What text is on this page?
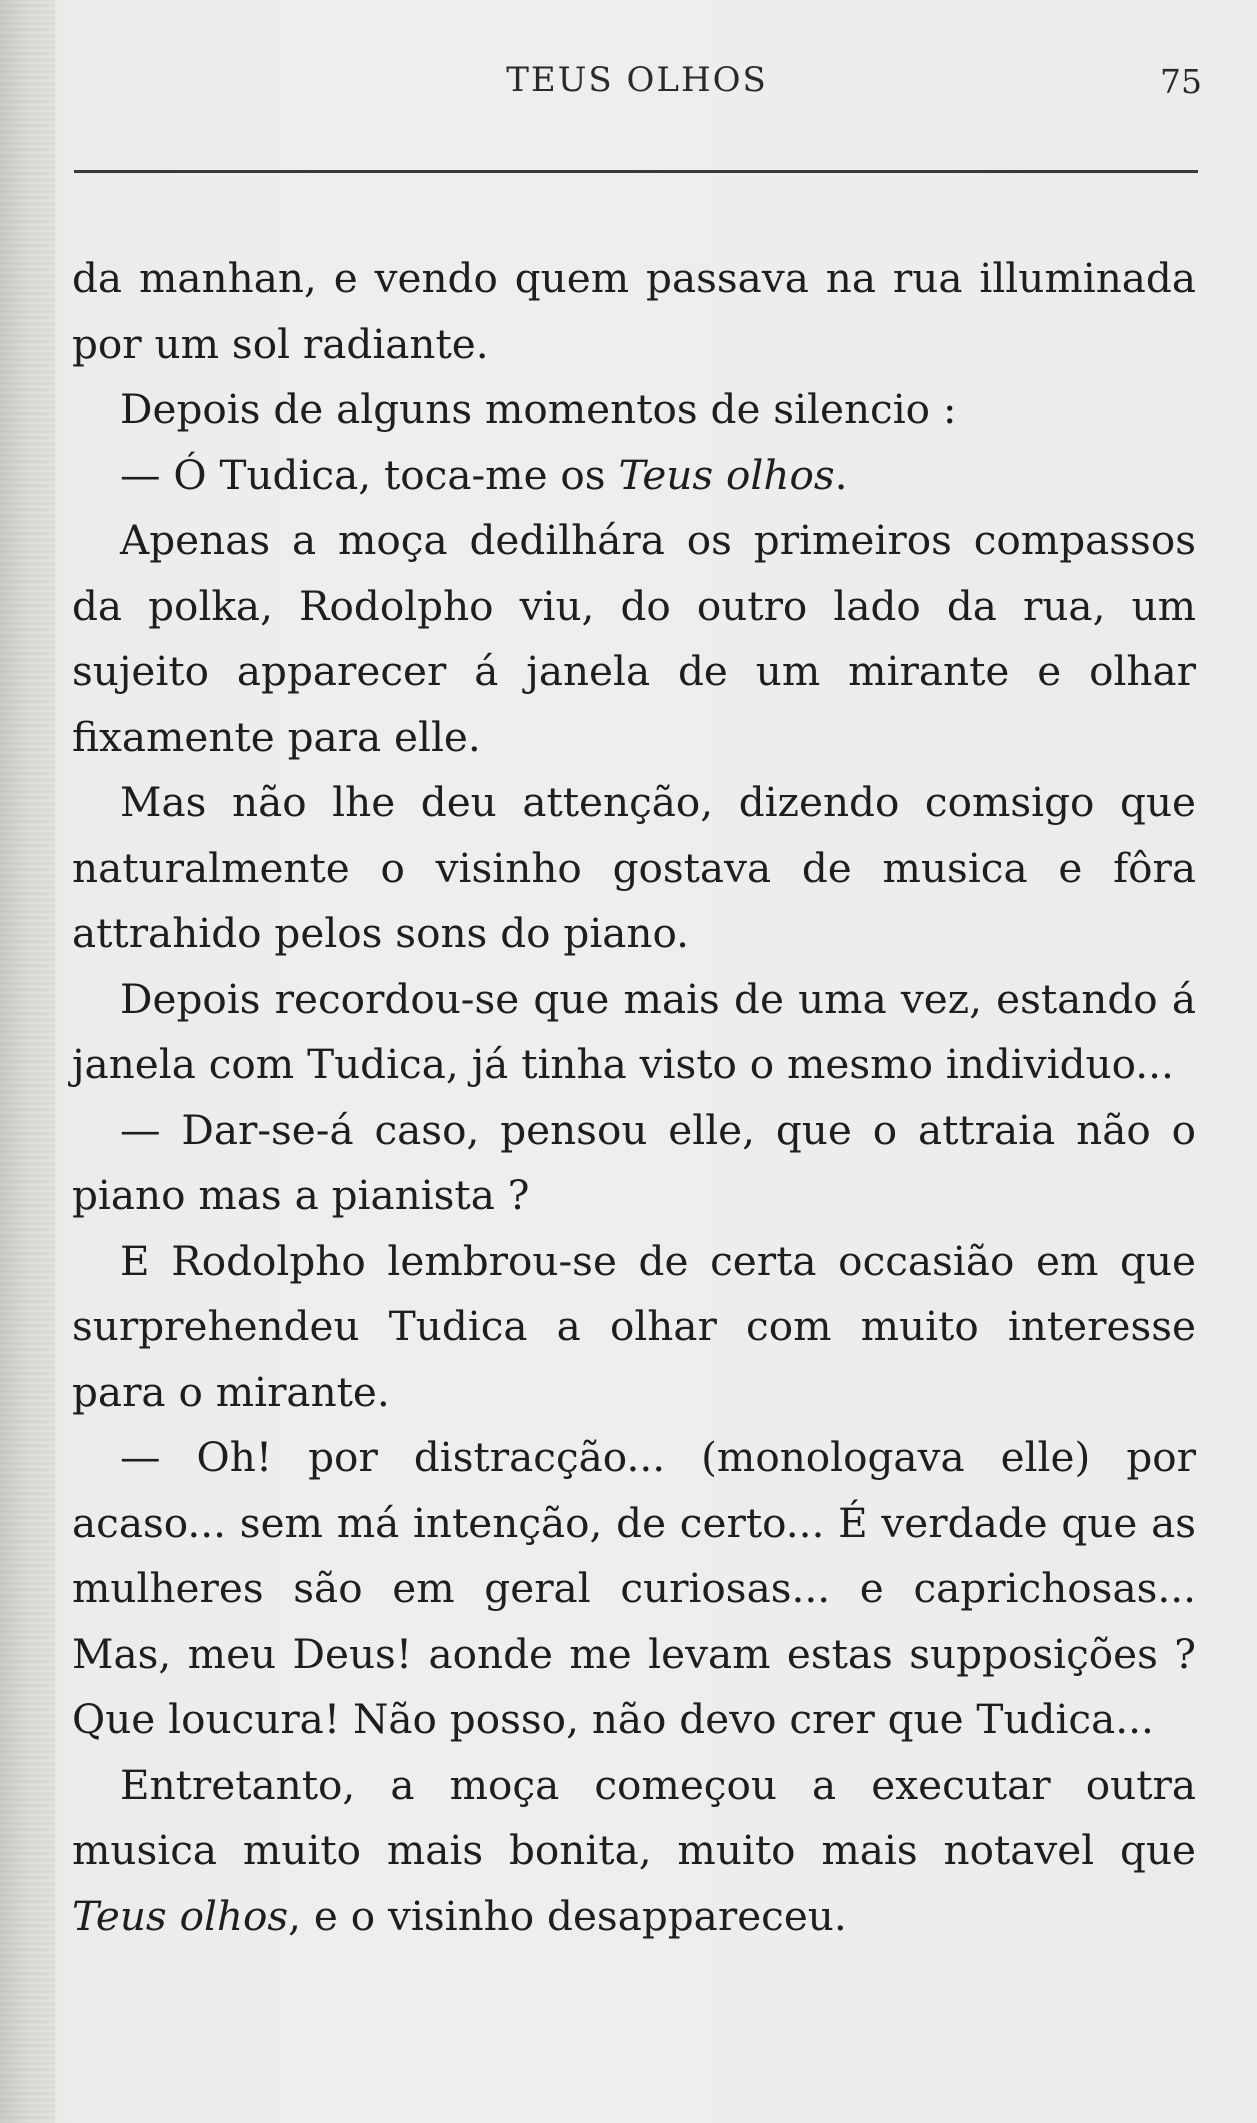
TEUS OLHOS	75

da manhan, e vendo quem passava na rua illuminada por um sol radiante.

Depois de alguns momentos de silencio :

— Ó Tudica, toca-me os Teus olhos.

Apenas a moça dedilhára os primeiros compassos da polka, Rodolpho viu, do outro lado da rua, um sujeito apparecer á janela de um mirante e olhar fixamente para elle.

Mas não lhe deu attenção, dizendo comsigo que naturalmente o visinho gostava de musica e fôra attrahido pelos sons do piano.

Depois recordou-se que mais de uma vez, estando á janela com Tudica, já tinha visto o mesmo individuo...

— Dar-se-á caso, pensou elle, que o attraia não o piano mas a pianista ?

E Rodolpho lembrou-se de certa occasião em que surprehendeu Tudica a olhar com muito interesse para o mirante.

— Oh! por distracção... (monologava elle) por acaso... sem má intenção, de certo... É verdade que as mulheres são em geral curiosas... e caprichosas... Mas, meu Deus! aonde me levam estas supposições ? Que loucura! Não posso, não devo crer que Tudica...

Entretanto, a moça começou a executar outra musica muito mais bonita, muito mais notavel que Teus olhos, e o visinho desappareceu.
